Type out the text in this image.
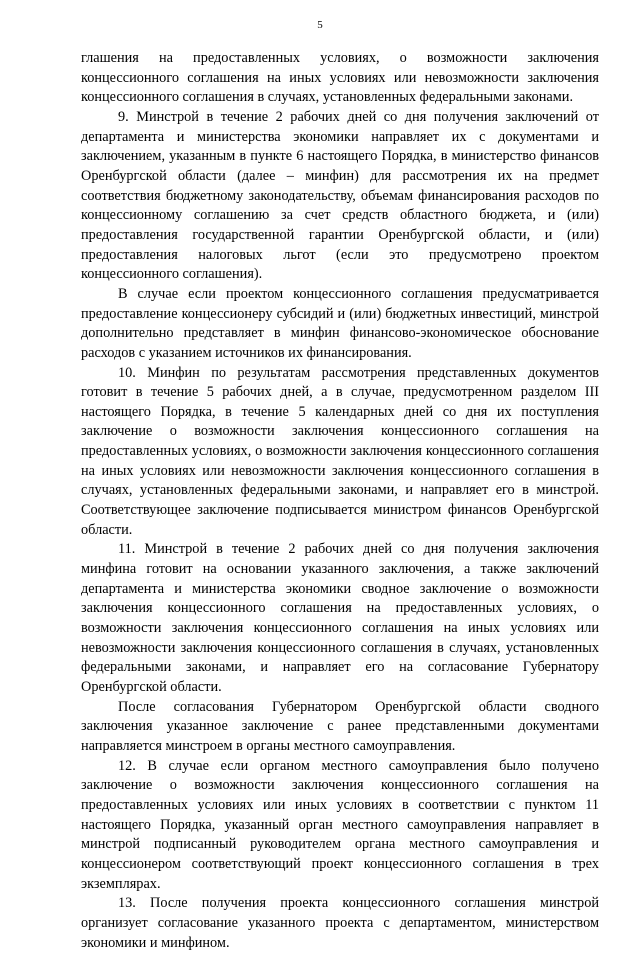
5

глашения на предоставленных условиях, о возможности заключения концессионного соглашения на иных условиях или невозможности заключения концессионного соглашения в случаях, установленных федеральными законами.

9. Минстрой в течение 2 рабочих дней со дня получения заключений от департамента и министерства экономики направляет их с документами и заключением, указанным в пункте 6 настоящего Порядка, в министерство финансов Оренбургской области (далее – минфин) для рассмотрения их на предмет соответствия бюджетному законодательству, объемам финансирования расходов по концессионному соглашению за счет средств областного бюджета, и (или) предоставления государственной гарантии Оренбургской области, и (или) предоставления налоговых льгот (если это предусмотрено проектом концессионного соглашения).

В случае если проектом концессионного соглашения предусматривается предоставление концессионеру субсидий и (или) бюджетных инвестиций, минстрой дополнительно представляет в минфин финансово-экономическое обоснование расходов с указанием источников их финансирования.

10. Минфин по результатам рассмотрения представленных документов готовит в течение 5 рабочих дней, а в случае, предусмотренном разделом III настоящего Порядка, в течение 5 календарных дней со дня их поступления заключение о возможности заключения концессионного соглашения на предоставленных условиях, о возможности заключения концессионного соглашения на иных условиях или невозможности заключения концессионного соглашения в случаях, установленных федеральными законами, и направляет его в минстрой. Соответствующее заключение подписывается министром финансов Оренбургской области.

11. Минстрой в течение 2 рабочих дней со дня получения заключения минфина готовит на основании указанного заключения, а также заключений департамента и министерства экономики сводное заключение о возможности заключения концессионного соглашения на предоставленных условиях, о возможности заключения концессионного соглашения на иных условиях или невозможности заключения концессионного соглашения в случаях, установленных федеральными законами, и направляет его на согласование Губернатору Оренбургской области.

После согласования Губернатором Оренбургской области сводного заключения указанное заключение с ранее представленными документами направляется минстроем в органы местного самоуправления.

12. В случае если органом местного самоуправления было получено заключение о возможности заключения концессионного соглашения на предоставленных условиях или иных условиях в соответствии с пунктом 11 настоящего Порядка, указанный орган местного самоуправления направляет в минстрой подписанный руководителем органа местного самоуправления и концессионером соответствующий проект концессионного соглашения в трех экземплярах.

13. После получения проекта концессионного соглашения минстрой организует согласование указанного проекта с департаментом, министерством экономики и минфином.
